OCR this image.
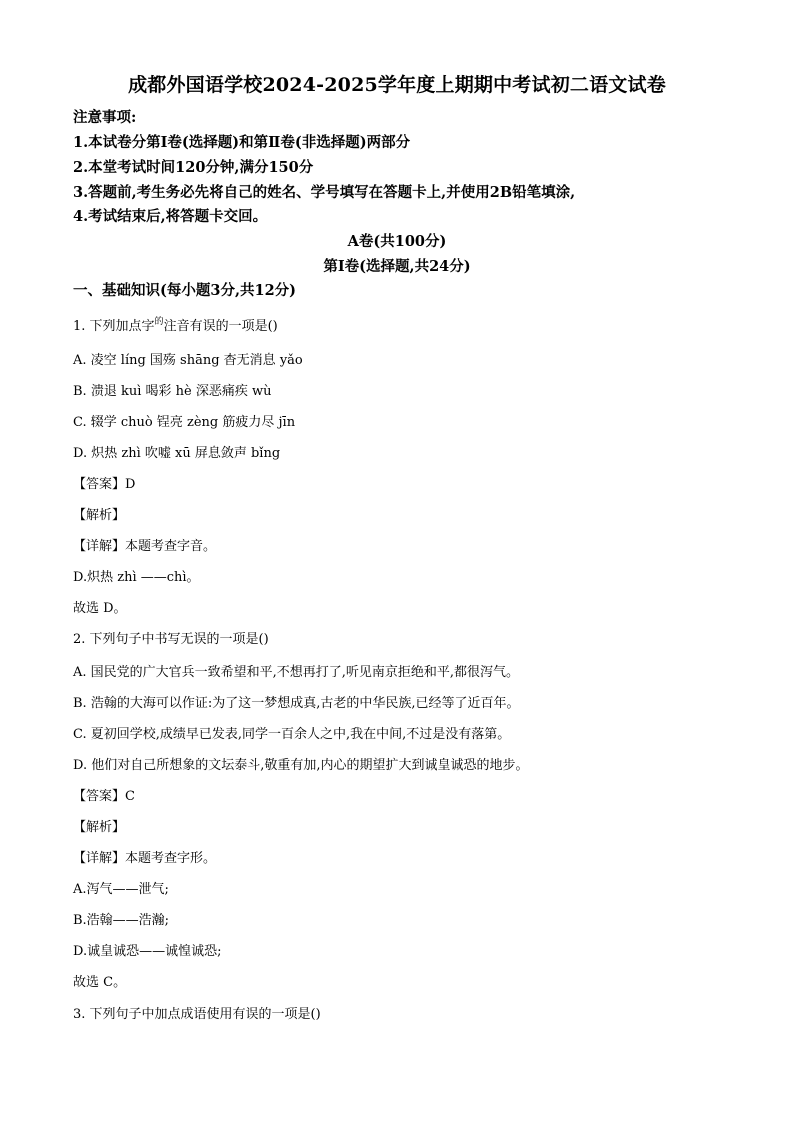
成都外国语学校2024-2025学年度上期期中考试初二语文试卷
注意事项:
1.本试卷分第Ⅰ卷(选择题)和第Ⅱ卷(非选择题)两部分
2.本堂考试时间120分钟,满分150分
3.答题前,考生务必先将自己的姓名、学号填写在答题卡上,并使用2B铅笔填涂,
4.考试结束后,将答题卡交回。
A卷(共100分)
第Ⅰ卷(选择题,共24分)
一、基础知识(每小题3分,共12分)
1. 下列加点字$^的$注音有误的一项是()
A. 凌空 líng 国殇 shāng 杳无消息 yǎo
B. 溃退 kuì 喝彩 hè 深恶痛疾 wù
C. 辍学 chuò 锃亮 zèng 筋疲力尽 jīn
D. 炽热 zhì 吹嘘 xū 屏息敛声 bǐng
【答案】D
【解析】
【详解】本题考查字音。
D.炽热 zhì ——chì。
故选 D。
2. 下列句子中书写无误的一项是()
A. 国民党的广大官兵一致希望和平,不想再打了,听见南京拒绝和平,都很泻气。
B. 浩翰的大海可以作证:为了这一梦想成真,古老的中华民族,已经等了近百年。
C. 夏初回学校,成绩早已发表,同学一百余人之中,我在中间,不过是没有落第。
D. 他们对自己所想象的文坛泰斗,敬重有加,内心的期望扩大到诚皇诚恐的地步。
【答案】C
【解析】
【详解】本题考查字形。
A.泻气——泄气;
B.浩翰——浩瀚;
D.诚皇诚恐——诚惶诚恐;
故选 C。
3. 下列句子中加点成语使用有误的一项是()
